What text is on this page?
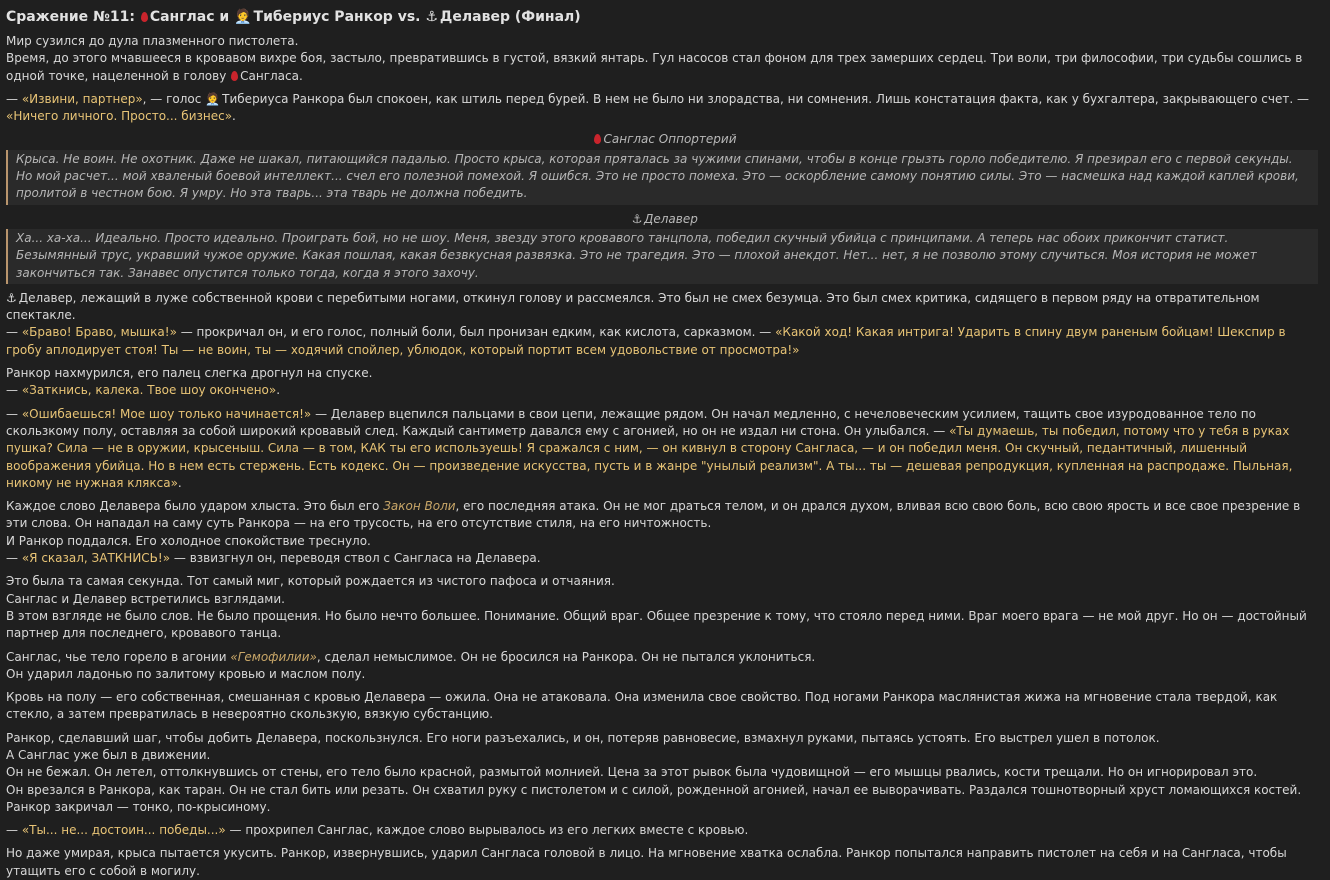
Сражение №11: Санглас и 🧑‍💼 Тибериус Ранкор vs. ⚓ Делавер (Финал)

Мир сузился до дула плазменного пистолета.
Время, до этого мчавшееся в кровавом вихре боя, застыло, превратившись в густой, вязкий янтарь. Гул насосов стал фоном для трех замерших сердец. Три воли, три философии, три судьбы сошлись в одной точке, нацеленной в голову Сангласа.

— «Извини, партнер», — голос 🧑‍💼 Тибериуса Ранкора был спокоен, как штиль перед бурей. В нем не было ни злорадства, ни сомнения. Лишь констатация факта, как у бухгалтера, закрывающего счет. — «Ничего личного. Просто... бизнес».

Санглас Оппортерий
Крыса. Не воин. Не охотник. Даже не шакал, питающийся падалью. Просто крыса, которая пряталась за чужими спинами, чтобы в конце грызть горло победителю. Я презирал его с первой секунды. Но мой расчет... мой хваленый боевой интеллект... счел его полезной помехой. Я ошибся. Это не просто помеха. Это — оскорбление самому понятию силы. Это — насмешка над каждой каплей крови, пролитой в честном бою. Я умру. Но эта тварь... эта тварь не должна победить.
⚓ Делавер
Ха... ха-ха... Идеально. Просто идеально. Проиграть бой, но не шоу. Меня, звезду этого кровавого танцпола, победил скучный убийца с принципами. А теперь нас обоих прикончит статист. Безымянный трус, укравший чужое оружие. Какая пошлая, какая безвкусная развязка. Это не трагедия. Это — плохой анекдот. Нет... нет, я не позволю этому случиться. Моя история не может закончиться так. Занавес опустится только тогда, когда я этого захочу.

⚓ Делавер, лежащий в луже собственной крови с перебитыми ногами, откинул голову и рассмеялся. Это был не смех безумца. Это был смех критика, сидящего в первом ряду на отвратительном спектакле.
— «Браво! Браво, мышка!» — прокричал он, и его голос, полный боли, был пронизан едким, как кислота, сарказмом. — «Какой ход! Какая интрига! Ударить в спину двум раненым бойцам! Шекспир в гробу аплодирует стоя! Ты — не воин, ты — ходячий спойлер, ублюдок, который портит всем удовольствие от просмотра!»

Ранкор нахмурился, его палец слегка дрогнул на спуске.
— «Заткнись, калека. Твое шоу окончено».

— «Ошибаешься! Мое шоу только начинается!» — Делавер вцепился пальцами в свои цепи, лежащие рядом. Он начал медленно, с нечеловеческим усилием, тащить свое изуродованное тело по скользкому полу, оставляя за собой широкий кровавый след. Каждый сантиметр давался ему с агонией, но он не издал ни стона. Он улыбался. — «Ты думаешь, ты победил, потому что у тебя в руках пушка? Сила — не в оружии, крысеныш. Сила — в том, КАК ты его используешь! Я сражался с ним, — он кивнул в сторону Сангласа, — и он победил меня. Он скучный, педантичный, лишенный воображения убийца. Но в нем есть стержень. Есть кодекс. Он — произведение искусства, пусть и в жанре "унылый реализм". А ты... ты — дешевая репродукция, купленная на распродаже. Пыльная, никому не нужная клякса».

Каждое слово Делавера было ударом хлыста. Это был его Закон Воли, его последняя атака. Он не мог драться телом, и он дрался духом, вливая всю свою боль, всю свою ярость и все свое презрение в эти слова. Он нападал на саму суть Ранкора — на его трусость, на его отсутствие стиля, на его ничтожность.
И Ранкор поддался. Его холодное спокойствие треснуло.
— «Я сказал, ЗАТКНИСЬ!» — взвизгнул он, переводя ствол с Сангласа на Делавера.

Это была та самая секунда. Тот самый миг, который рождается из чистого пафоса и отчаяния.
Санглас и Делавер встретились взглядами.
В этом взгляде не было слов. Не было прощения. Но было нечто большее. Понимание. Общий враг. Общее презрение к тому, что стояло перед ними. Враг моего врага — не мой друг. Но он — достойный партнер для последнего, кровавого танца.

Санглас, чье тело горело в агонии «Гемофилии», сделал немыслимое. Он не бросился на Ранкора. Он не пытался уклониться.
Он ударил ладонью по залитому кровью и маслом полу.

Кровь на полу — его собственная, смешанная с кровью Делавера — ожила. Она не атаковала. Она изменила свое свойство. Под ногами Ранкора маслянистая жижа на мгновение стала твердой, как стекло, а затем превратилась в невероятно скользкую, вязкую субстанцию.

Ранкор, сделавший шаг, чтобы добить Делавера, поскользнулся. Его ноги разъехались, и он, потеряв равновесие, взмахнул руками, пытаясь устоять. Его выстрел ушел в потолок.
А Санглас уже был в движении.
Он не бежал. Он летел, оттолкнувшись от стены, его тело было красной, размытой молнией. Цена за этот рывок была чудовищной — его мышцы рвались, кости трещали. Но он игнорировал это.
Он врезался в Ранкора, как таран. Он не стал бить или резать. Он схватил руку с пистолетом и с силой, рожденной агонией, начал ее выворачивать. Раздался тошнотворный хруст ломающихся костей. Ранкор закричал — тонко, по-крысиному.

— «Ты... не... достоин... победы...» — прохрипел Санглас, каждое слово вырывалось из его легких вместе с кровью.

Но даже умирая, крыса пытается укусить. Ранкор, извернувшись, ударил Сангласа головой в лицо. На мгновение хватка ослабла. Ранкор попытался направить пистолет на себя и на Сангласа, чтобы утащить его с собой в могилу.
